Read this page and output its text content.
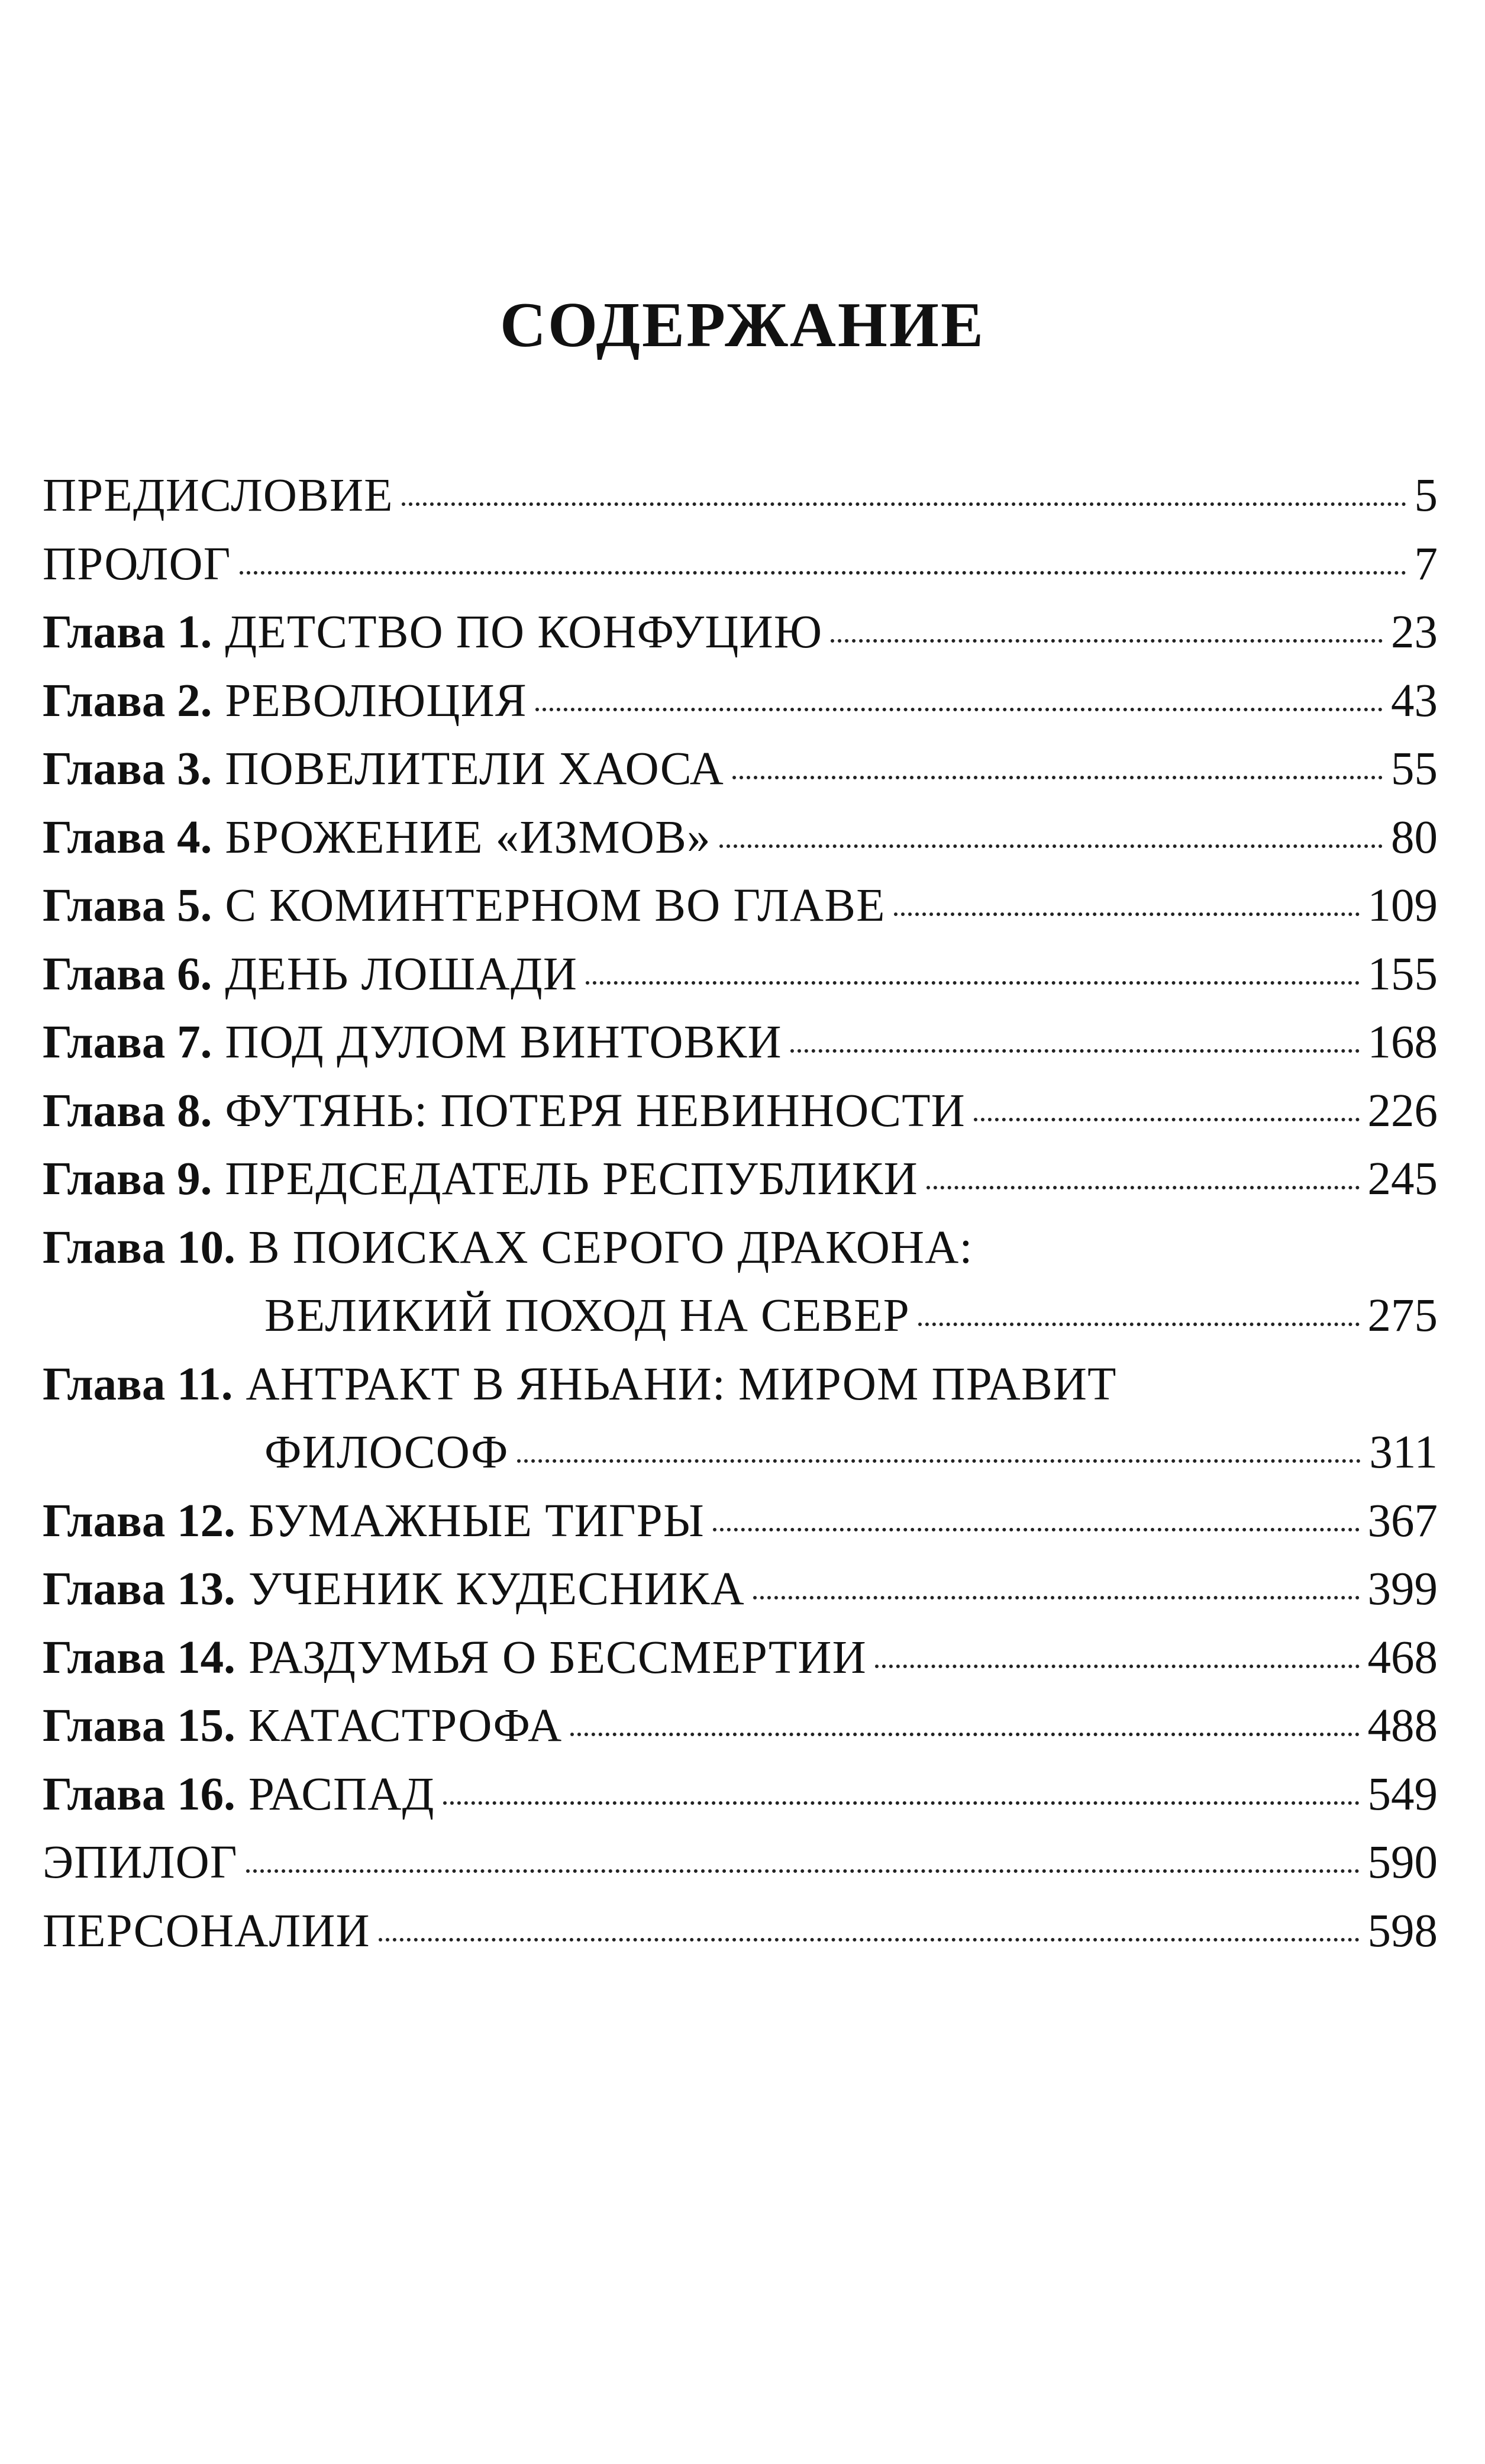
СОДЕРЖАНИЕ
ПРЕДИСЛОВИЕ	5
ПРОЛОГ	7
Глава 1. ДЕТСТВО ПО КОНФУЦИЮ	23
Глава 2. РЕВОЛЮЦИЯ	43
Глава 3. ПОВЕЛИТЕЛИ ХАОСА	55
Глава 4. БРОЖЕНИЕ «ИЗМОВ»	80
Глава 5. С КОМИНТЕРНОМ ВО ГЛАВЕ	109
Глава 6. ДЕНЬ ЛОШАДИ	155
Глава 7. ПОД ДУЛОМ ВИНТОВКИ	168
Глава 8. ФУТЯНЬ: ПОТЕРЯ НЕВИННОСТИ	226
Глава 9. ПРЕДСЕДАТЕЛЬ РЕСПУБЛИКИ	245
Глава 10. В ПОИСКАХ СЕРОГО ДРАКОНА:
ВЕЛИКИЙ ПОХОД НА СЕВЕР	275
Глава 11. АНТРАКТ В ЯНЬАНИ: МИРОМ ПРАВИТ
ФИЛОСОФ	311
Глава 12. БУМАЖНЫЕ ТИГРЫ	367
Глава 13. УЧЕНИК КУДЕСНИКА	399
Глава 14. РАЗДУМЬЯ О БЕССМЕРТИИ	468
Глава 15. КАТАСТРОФА	488
Глава 16. РАСПАД	549
ЭПИЛОГ	590
ПЕРСОНАЛИИ	598
